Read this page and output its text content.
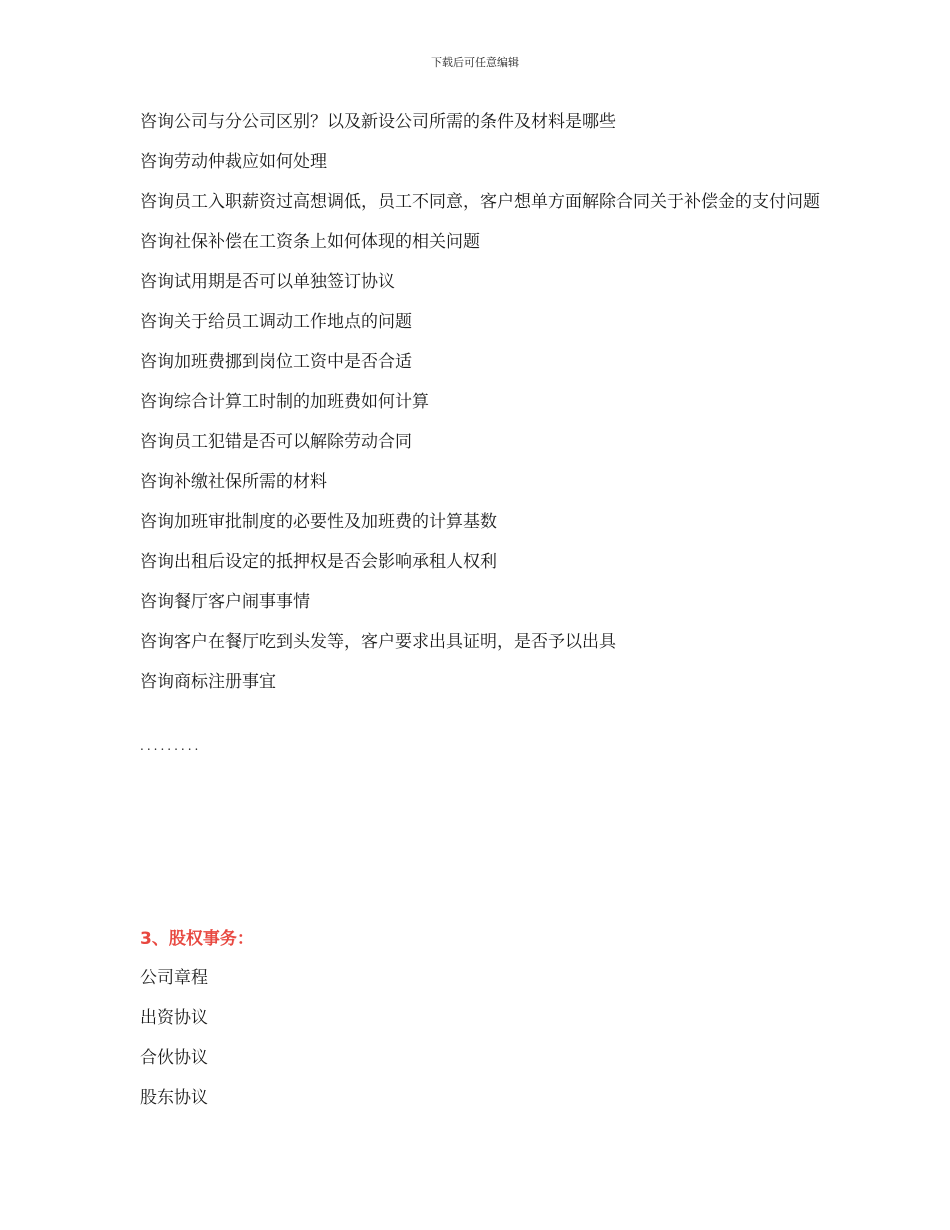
下载后可任意编辑
咨询公司与分公司区别？以及新设公司所需的条件及材料是哪些
咨询劳动仲裁应如何处理
咨询员工入职薪资过高想调低，员工不同意，客户想单方面解除合同关于补偿金的支付问题
咨询社保补偿在工资条上如何体现的相关问题
咨询试用期是否可以单独签订协议
咨询关于给员工调动工作地点的问题
咨询加班费挪到岗位工资中是否合适
咨询综合计算工时制的加班费如何计算
咨询员工犯错是否可以解除劳动合同
咨询补缴社保所需的材料
咨询加班审批制度的必要性及加班费的计算基数
咨询出租后设定的抵押权是否会影响承租人权利
咨询餐厅客户闹事事情
咨询客户在餐厅吃到头发等，客户要求出具证明，是否予以出具
咨询商标注册事宜
.........
3、股权事务：
公司章程
出资协议
合伙协议
股东协议
